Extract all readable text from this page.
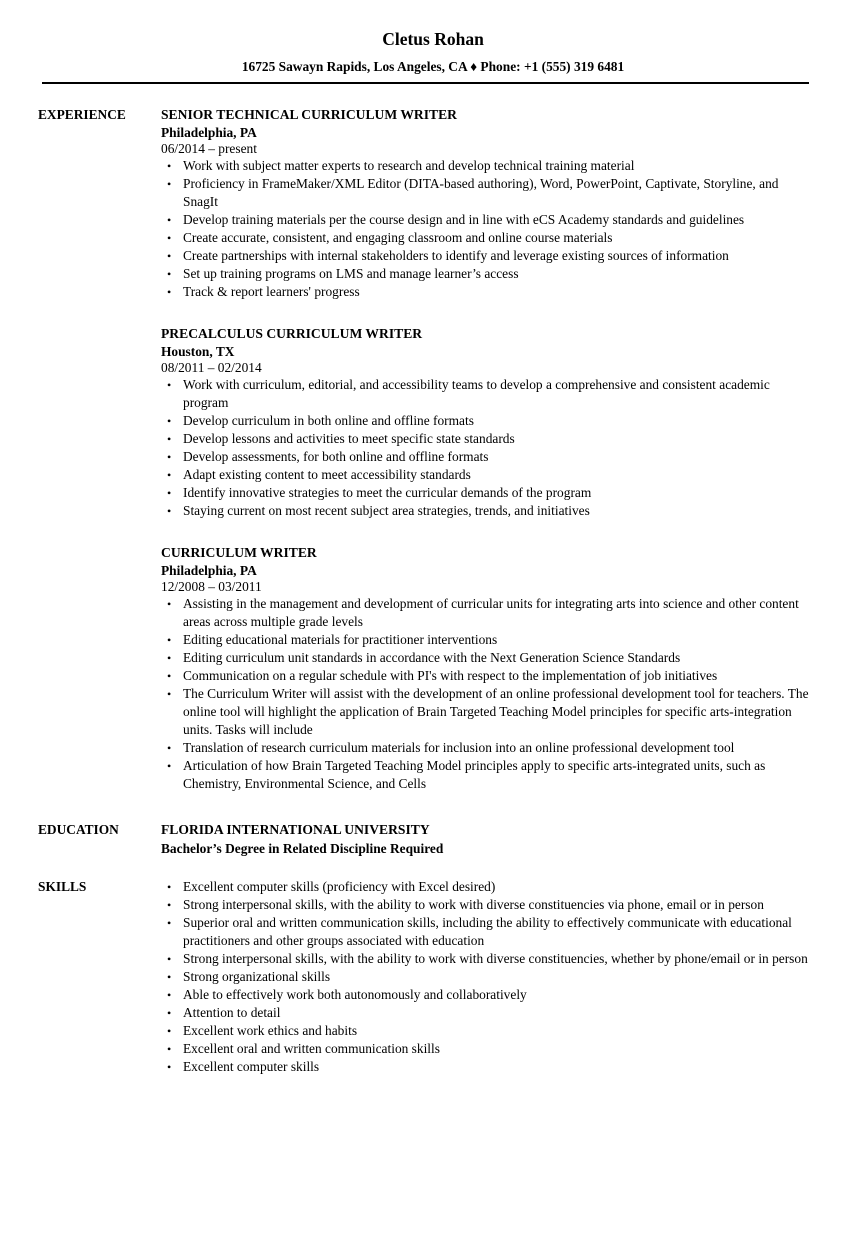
Cletus Rohan
16725 Sawayn Rapids, Los Angeles, CA ♦ Phone: +1 (555) 319 6481
EXPERIENCE	SENIOR TECHNICAL CURRICULUM WRITER
Philadelphia, PA
06/2014 – present
• Work with subject matter experts to research and develop technical training material
• Proficiency in FrameMaker/XML Editor (DITA-based authoring), Word, PowerPoint, Captivate, Storyline, and SnagIt
• Develop training materials per the course design and in line with eCS Academy standards and guidelines
• Create accurate, consistent, and engaging classroom and online course materials
• Create partnerships with internal stakeholders to identify and leverage existing sources of information
• Set up training programs on LMS and manage learner’s access
• Track & report learners' progress
PRECALCULUS CURRICULUM WRITER
Houston, TX
08/2011 – 02/2014
• Work with curriculum, editorial, and accessibility teams to develop a comprehensive and consistent academic program
• Develop curriculum in both online and offline formats
• Develop lessons and activities to meet specific state standards
• Develop assessments, for both online and offline formats
• Adapt existing content to meet accessibility standards
• Identify innovative strategies to meet the curricular demands of the program
• Staying current on most recent subject area strategies, trends, and initiatives
CURRICULUM WRITER
Philadelphia, PA
12/2008 – 03/2011
• Assisting in the management and development of curricular units for integrating arts into science and other content areas across multiple grade levels
• Editing educational materials for practitioner interventions
• Editing curriculum unit standards in accordance with the Next Generation Science Standards
• Communication on a regular schedule with PI's with respect to the implementation of job initiatives
• The Curriculum Writer will assist with the development of an online professional development tool for teachers. The online tool will highlight the application of Brain Targeted Teaching Model principles for specific arts-integration units. Tasks will include
• Translation of research curriculum materials for inclusion into an online professional development tool
• Articulation of how Brain Targeted Teaching Model principles apply to specific arts-integrated units, such as Chemistry, Environmental Science, and Cells
EDUCATION	FLORIDA INTERNATIONAL UNIVERSITY
Bachelor’s Degree in Related Discipline Required
SKILLS
•	Excellent computer skills (proficiency with Excel desired)
• Strong interpersonal skills, with the ability to work with diverse constituencies via phone, email or in person
• Superior oral and written communication skills, including the ability to effectively communicate with educational practitioners and other groups associated with education
• Strong interpersonal skills, with the ability to work with diverse constituencies, whether by phone/email or in person
• Strong organizational skills
• Able to effectively work both autonomously and collaboratively
• Attention to detail
• Excellent work ethics and habits
• Excellent oral and written communication skills
• Excellent computer skills
